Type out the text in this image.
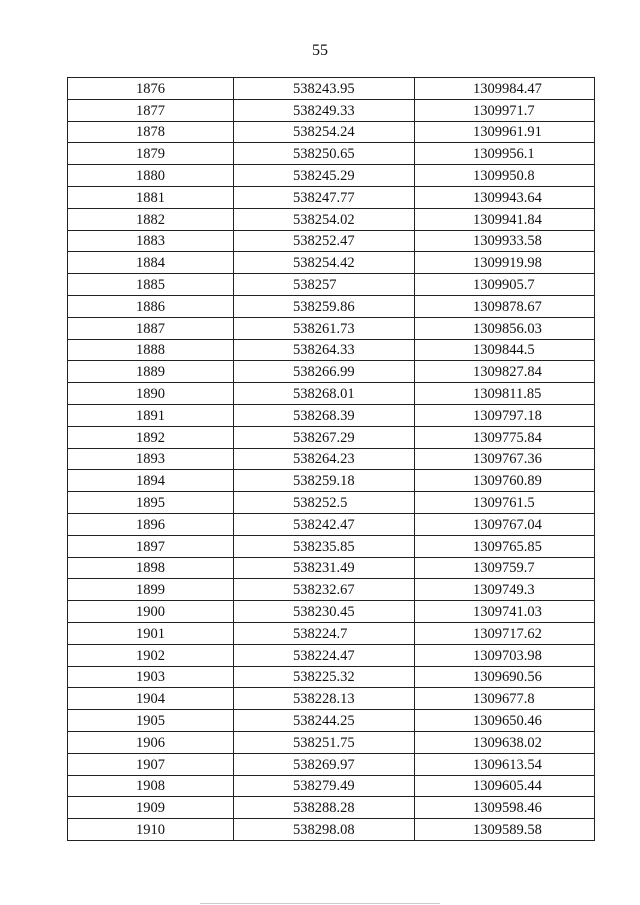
55
1876	538243.95	1309984.47
1877	538249.33	1309971.7
1878	538254.24	1309961.91
1879	538250.65	1309956.1
1880	538245.29	1309950.8
1881	538247.77	1309943.64
1882	538254.02	1309941.84
1883	538252.47	1309933.58
1884	538254.42	1309919.98
1885	538257	1309905.7
1886	538259.86	1309878.67
1887	538261.73	1309856.03
1888	538264.33	1309844.5
1889	538266.99	1309827.84
1890	538268.01	1309811.85
1891	538268.39	1309797.18
1892	538267.29	1309775.84
1893	538264.23	1309767.36
1894	538259.18	1309760.89
1895	538252.5	1309761.5
1896	538242.47	1309767.04
1897	538235.85	1309765.85
1898	538231.49	1309759.7
1899	538232.67	1309749.3
1900	538230.45	1309741.03
1901	538224.7	1309717.62
1902	538224.47	1309703.98
1903	538225.32	1309690.56
1904	538228.13	1309677.8
1905	538244.25	1309650.46
1906	538251.75	1309638.02
1907	538269.97	1309613.54
1908	538279.49	1309605.44
1909	538288.28	1309598.46
1910	538298.08	1309589.58
